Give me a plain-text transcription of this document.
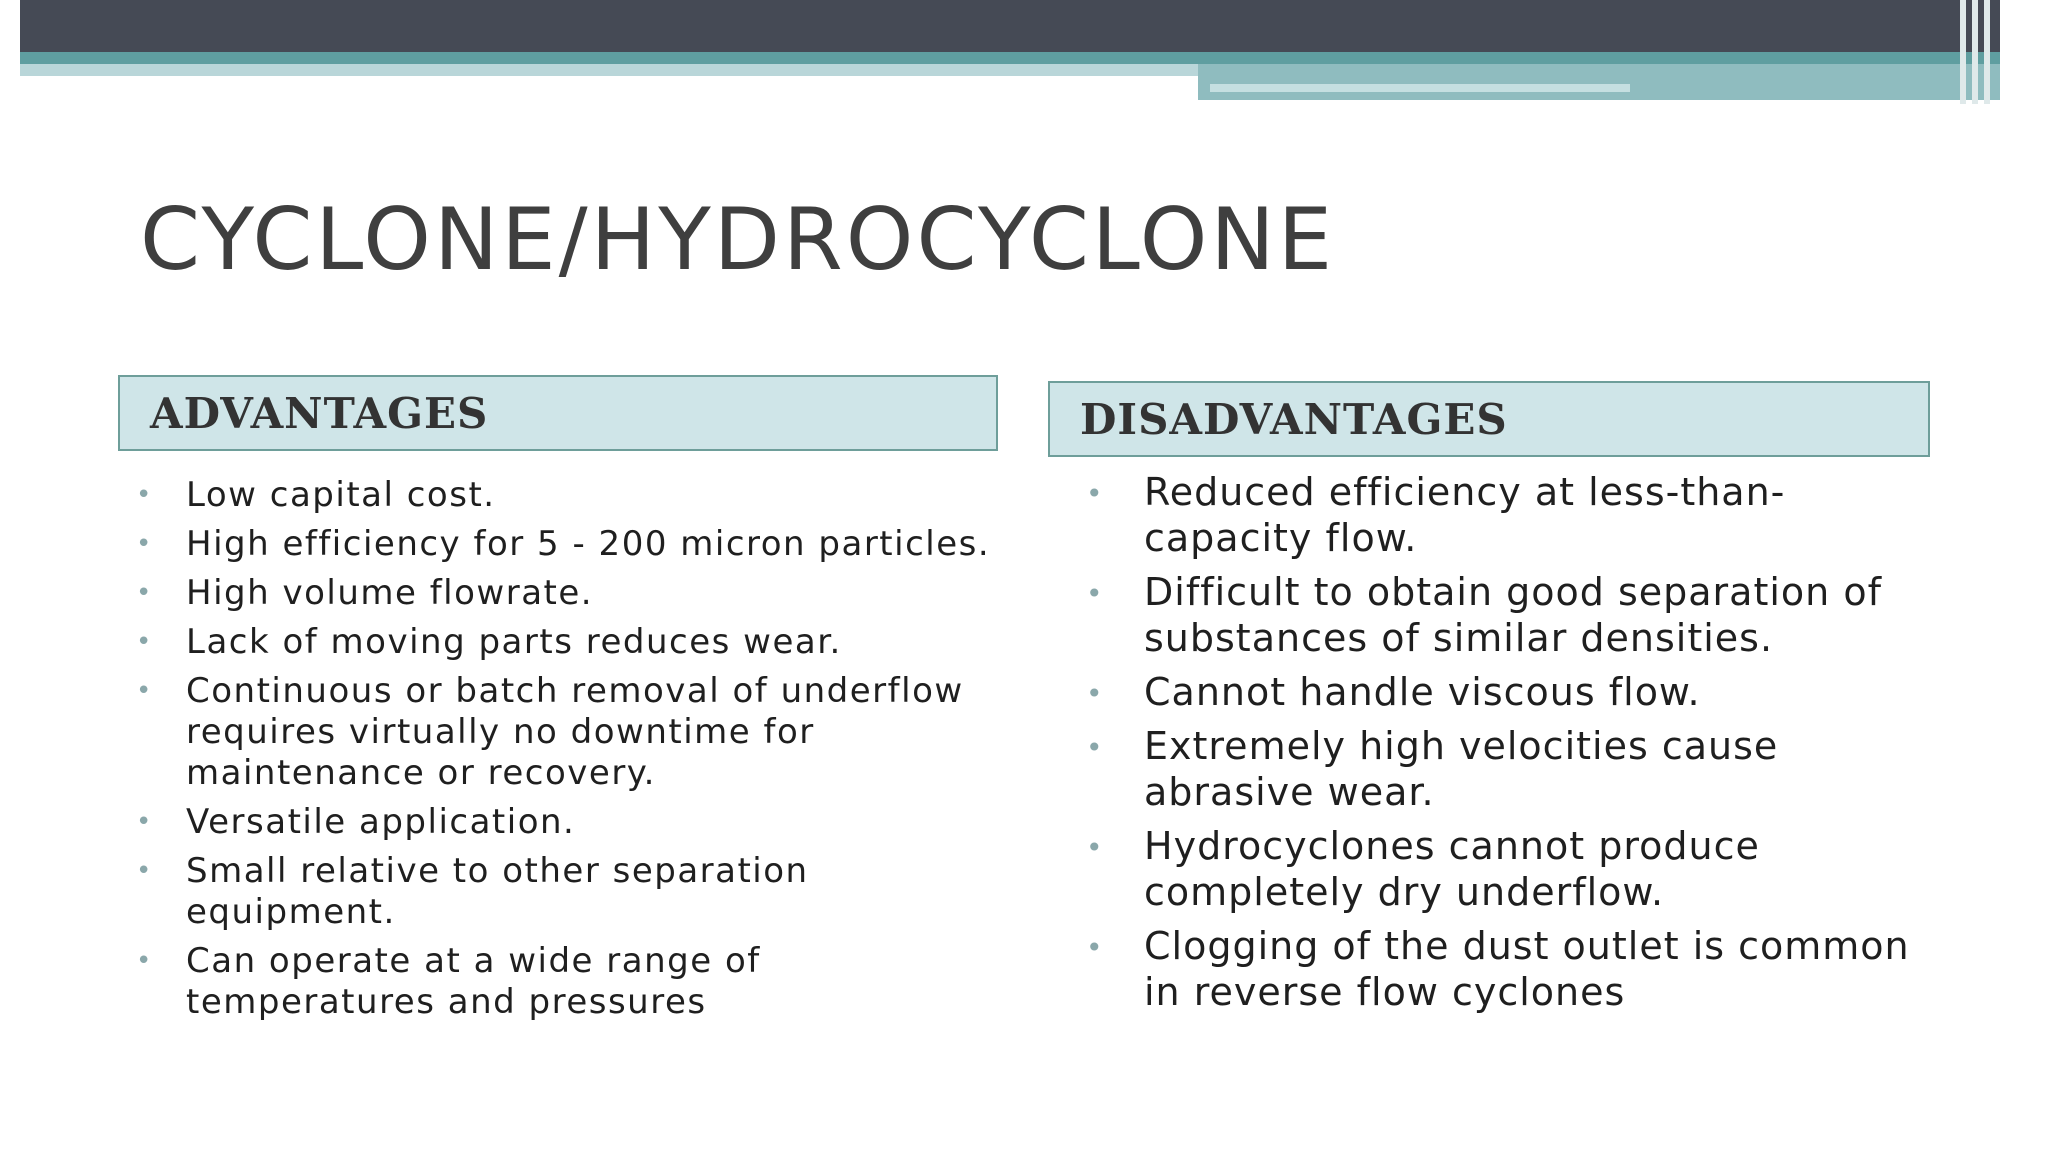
CYCLONE/HYDROCYCLONE
ADVANTAGES
• Low capital cost.
• High efficiency for 5 - 200 micron particles.
• High volume flowrate.
• Lack of moving parts reduces wear.
• Continuous or batch removal of underflow requires virtually no downtime for maintenance or recovery.
• Versatile application.
• Small relative to other separation equipment.
• Can operate at a wide range of temperatures and pressures
DISADVANTAGES
• Reduced efficiency at less-than-capacity flow.
• Difficult to obtain good separation of substances of similar densities.
• Cannot handle viscous flow.
• Extremely high velocities cause abrasive wear.
• Hydrocyclones cannot produce completely dry underflow.
• Clogging of the dust outlet is common in reverse flow cyclones
